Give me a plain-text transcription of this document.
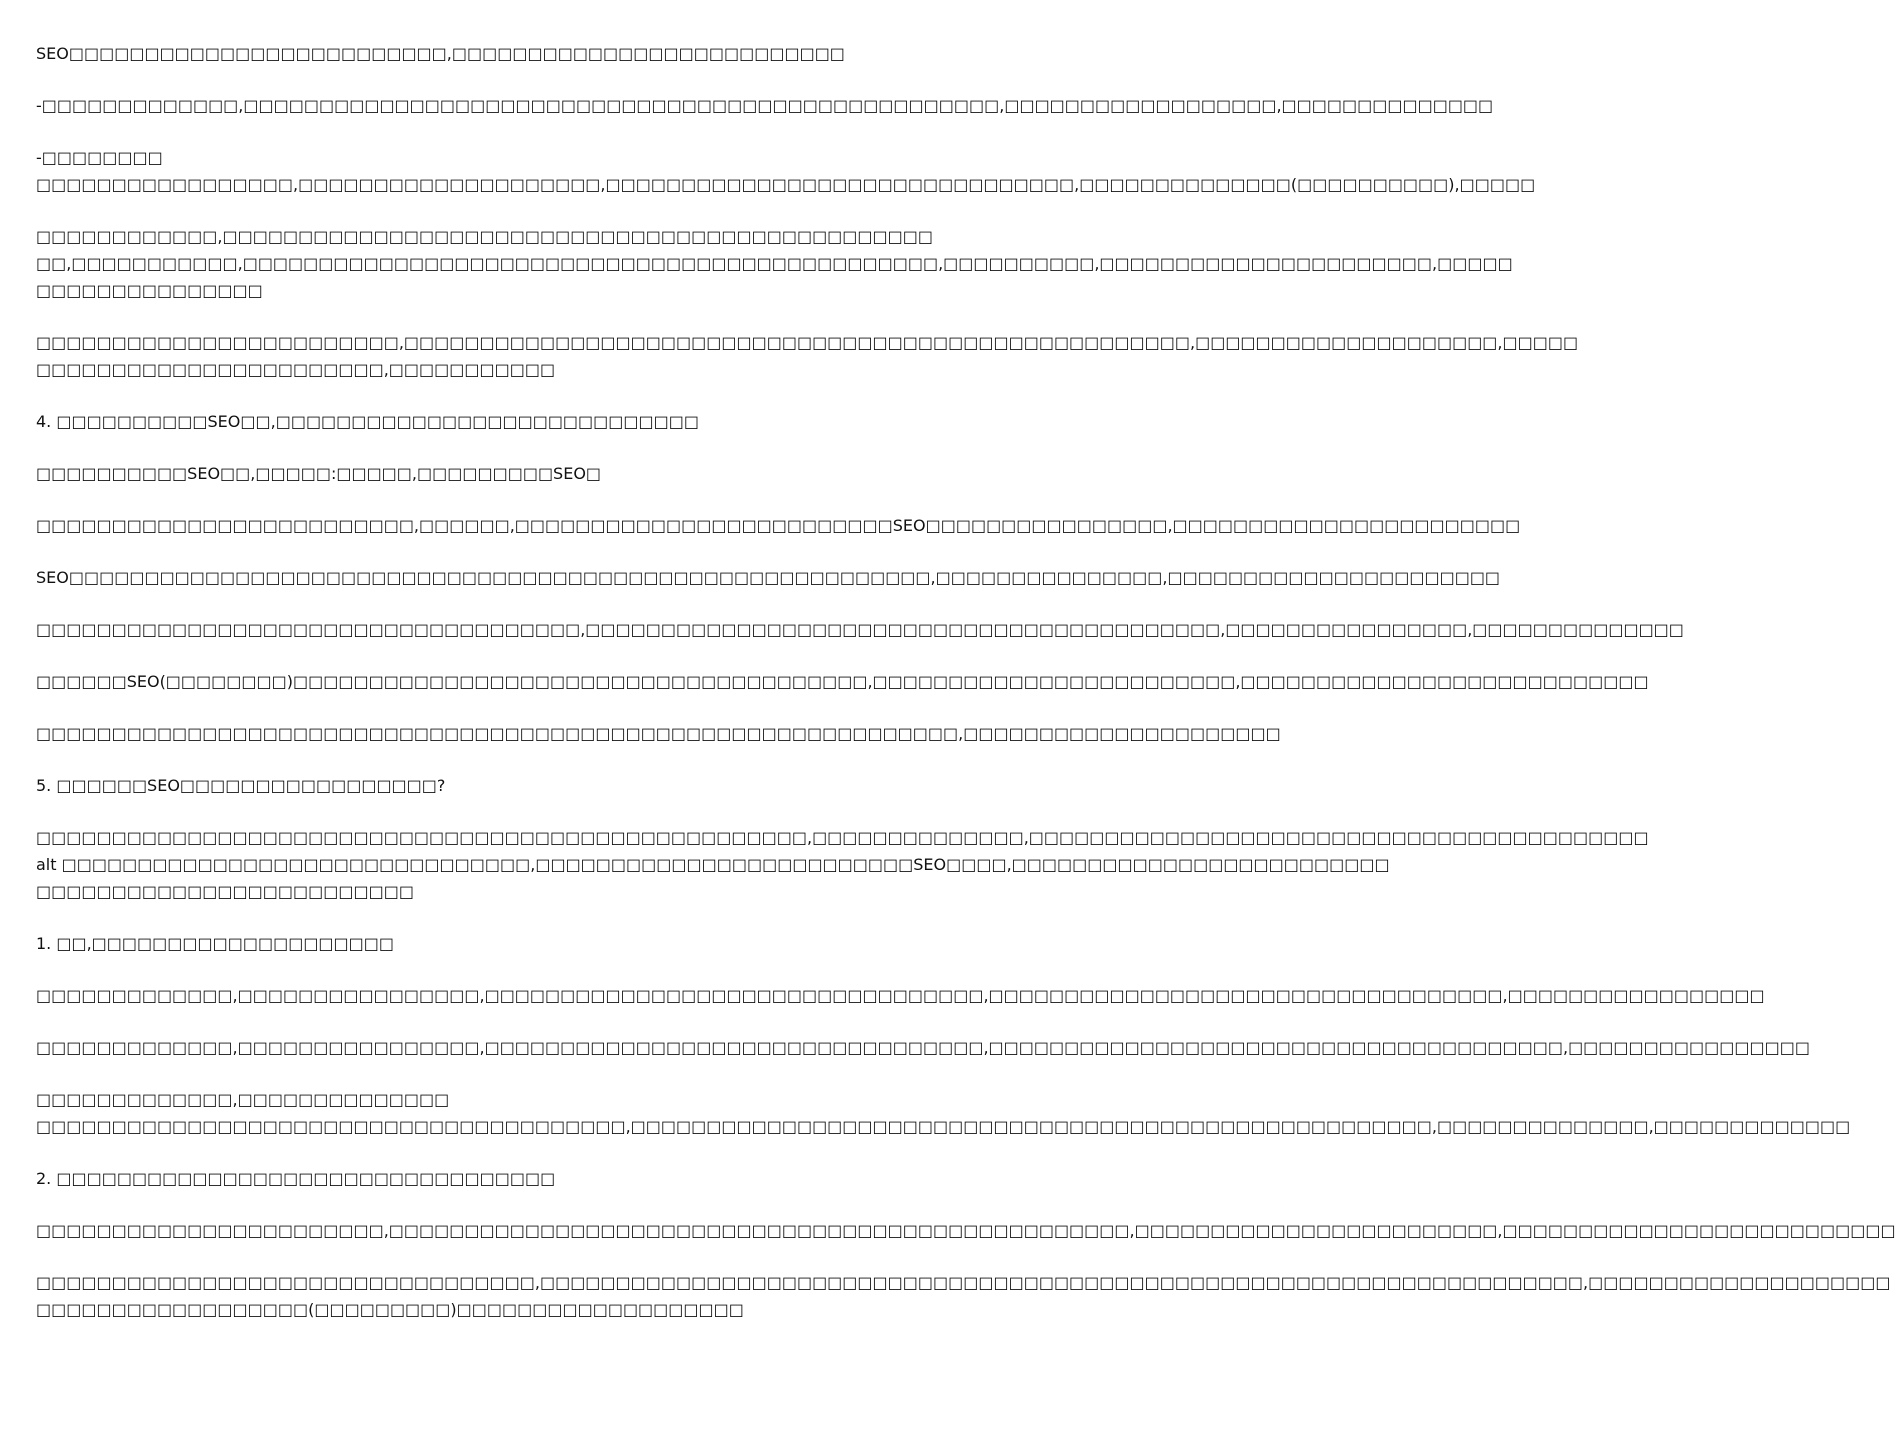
SEO□□□□□□□□□□□□□□□□□□□□□□□□□,□□□□□□□□□□□□□□□□□□□□□□□□□□

-□□□□□□□□□□□□□,□□□□□□□□□□□□□□□□□□□□□□□□□□□□□□□□□□□□□□□□□□□□□□□□□□,□□□□□□□□□□□□□□□□□□,□□□□□□□□□□□□□□

-□□□□□□□□
□□□□□□□□□□□□□□□□□,□□□□□□□□□□□□□□□□□□□□,□□□□□□□□□□□□□□□□□□□□□□□□□□□□□□□,□□□□□□□□□□□□□□(□□□□□□□□□□),□□□□□

□□□□□□□□□□□□,□□□□□□□□□□□□□□□□□□□□□□□□□□□□□□□□□□□□□□□□□□□□□□□
□□,□□□□□□□□□□□,□□□□□□□□□□□□□□□□□□□□□□□□□□□□□□□□□□□□□□□□□□□□□□,□□□□□□□□□□,□□□□□□□□□□□□□□□□□□□□□□,□□□□□
□□□□□□□□□□□□□□□

□□□□□□□□□□□□□□□□□□□□□□□□,□□□□□□□□□□□□□□□□□□□□□□□□□□□□□□□□□□□□□□□□□□□□□□□□□□□□,□□□□□□□□□□□□□□□□□□□□,□□□□□
□□□□□□□□□□□□□□□□□□□□□□□,□□□□□□□□□□□

4. □□□□□□□□□□SEO□□,□□□□□□□□□□□□□□□□□□□□□□□□□□□□

□□□□□□□□□□SEO□□,□□□□□:□□□□□,□□□□□□□□□SEO□

□□□□□□□□□□□□□□□□□□□□□□□□□,□□□□□□,□□□□□□□□□□□□□□□□□□□□□□□□□SEO□□□□□□□□□□□□□□□□,□□□□□□□□□□□□□□□□□□□□□□□

SEO□□□□□□□□□□□□□□□□□□□□□□□□□□□□□□□□□□□□□□□□□□□□□□□□□□□□□□□□□,□□□□□□□□□□□□□□□,□□□□□□□□□□□□□□□□□□□□□□

□□□□□□□□□□□□□□□□□□□□□□□□□□□□□□□□□□□□,□□□□□□□□□□□□□□□□□□□□□□□□□□□□□□□□□□□□□□□□□□,□□□□□□□□□□□□□□□□,□□□□□□□□□□□□□□

□□□□□□SEO(□□□□□□□□)□□□□□□□□□□□□□□□□□□□□□□□□□□□□□□□□□□□□□□,□□□□□□□□□□□□□□□□□□□□□□□□,□□□□□□□□□□□□□□□□□□□□□□□□□□□

□□□□□□□□□□□□□□□□□□□□□□□□□□□□□□□□□□□□□□□□□□□□□□□□□□□□□□□□□□□□□,□□□□□□□□□□□□□□□□□□□□□

5. □□□□□□SEO□□□□□□□□□□□□□□□□□?

□□□□□□□□□□□□□□□□□□□□□□□□□□□□□□□□□□□□□□□□□□□□□□□□□□□,□□□□□□□□□□□□□□,□□□□□□□□□□□□□□□□□□□□□□□□□□□□□□□□□□□□□□□□□
alt □□□□□□□□□□□□□□□□□□□□□□□□□□□□□□□,□□□□□□□□□□□□□□□□□□□□□□□□□SEO□□□□,□□□□□□□□□□□□□□□□□□□□□□□□□
□□□□□□□□□□□□□□□□□□□□□□□□□

1. □□,□□□□□□□□□□□□□□□□□□□□

□□□□□□□□□□□□□,□□□□□□□□□□□□□□□□,□□□□□□□□□□□□□□□□□□□□□□□□□□□□□□□□□,□□□□□□□□□□□□□□□□□□□□□□□□□□□□□□□□□□,□□□□□□□□□□□□□□□□□

□□□□□□□□□□□□□,□□□□□□□□□□□□□□□□,□□□□□□□□□□□□□□□□□□□□□□□□□□□□□□□□□,□□□□□□□□□□□□□□□□□□□□□□□□□□□□□□□□□□□□□□,□□□□□□□□□□□□□□□□

□□□□□□□□□□□□□,□□□□□□□□□□□□□□
□□□□□□□□□□□□□□□□□□□□□□□□□□□□□□□□□□□□□□□,□□□□□□□□□□□□□□□□□□□□□□□□□□□□□□□□□□□□□□□□□□□□□□□□□□□□□,□□□□□□□□□□□□□□,□□□□□□□□□□□□□

2. □□□□□□□□□□□□□□□□□□□□□□□□□□□□□□□□□

□□□□□□□□□□□□□□□□□□□□□□□,□□□□□□□□□□□□□□□□□□□□□□□□□□□□□□□□□□□□□□□□□□□□□□□□□,□□□□□□□□□□□□□□□□□□□□□□□□,□□□□□□□□□□□□□□□□□□□□□□□□□□

□□□□□□□□□□□□□□□□□□□□□□□□□□□□□□□□□,□□□□□□□□□□□□□□□□□□□□□□□□□□□□□□□□□□□□□□□□□□□□□□□□□□□□□□□□□□□□□□□□□□□□□,□□□□□□□□□□□□□□□□□□□□
□□□□□□□□□□□□□□□□□□(□□□□□□□□□)□□□□□□□□□□□□□□□□□□□
